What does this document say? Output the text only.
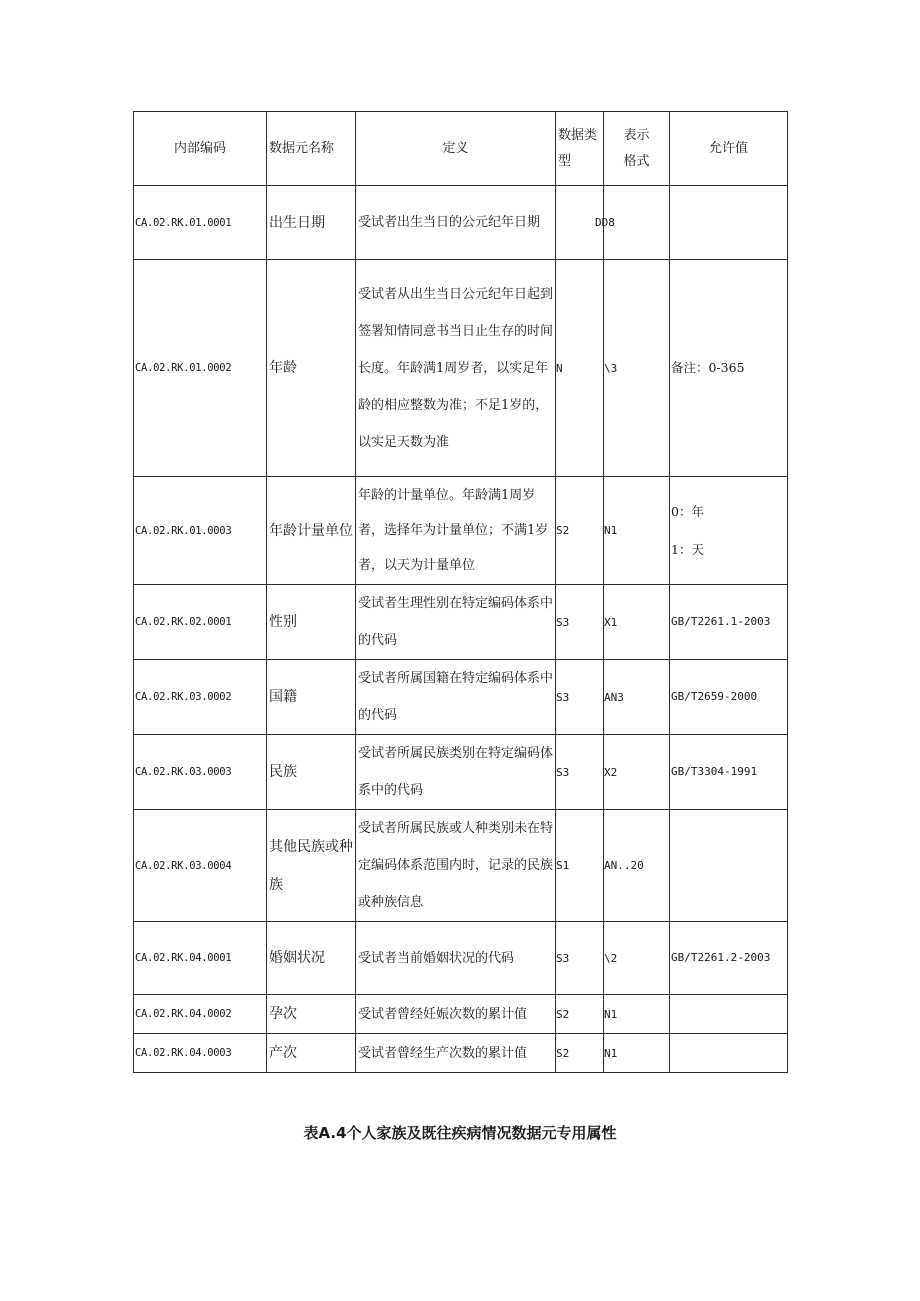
内部编码	数据元名称	定义	数据类型	表示格式	允许值
CA.02.RK.01.0001	出生日期	受试者出生当日的公元纪年日期		DD8	
CA.02.RK.01.0002	年龄	受试者从出生当日公元纪年日起到签署知情同意书当日止生存的时间长度。年龄满1周岁者，以实足年龄的相应整数为准；不足1岁的，以实足天数为准	N	\3	备注：0-365
CA.02.RK.01.0003	年龄计量单位	年龄的计量单位。年龄满1周岁者，选择年为计量单位；不满1岁者，以天为计量单位	S2	N1	0：年
1：天
CA.02.RK.02.0001	性别	受试者生理性别在特定编码体系中的代码	S3	X1	GB/T2261.1-2003
CA.02.RK.03.0002	国籍	受试者所属国籍在特定编码体系中的代码	S3	AN3	GB/T2659-2000
CA.02.RK.03.0003	民族	受试者所属民族类别在特定编码体系中的代码	S3	X2	GB/T3304-1991
CA.02.RK.03.0004	其他民族或种族	受试者所属民族或人种类别未在特定编码体系范围内时，记录的民族或种族信息	S1	AN..20	
CA.02.RK.04.0001	婚姻状况	受试者当前婚姻状况的代码	S3	\2	GB/T2261.2-2003
CA.02.RK.04.0002	孕次	受试者曾经妊娠次数的累计值	S2	N1	
CA.02.RK.04.0003	产次	受试者曾经生产次数的累计值	S2	N1	
表A.4个人家族及既往疾病情况数据元专用属性
